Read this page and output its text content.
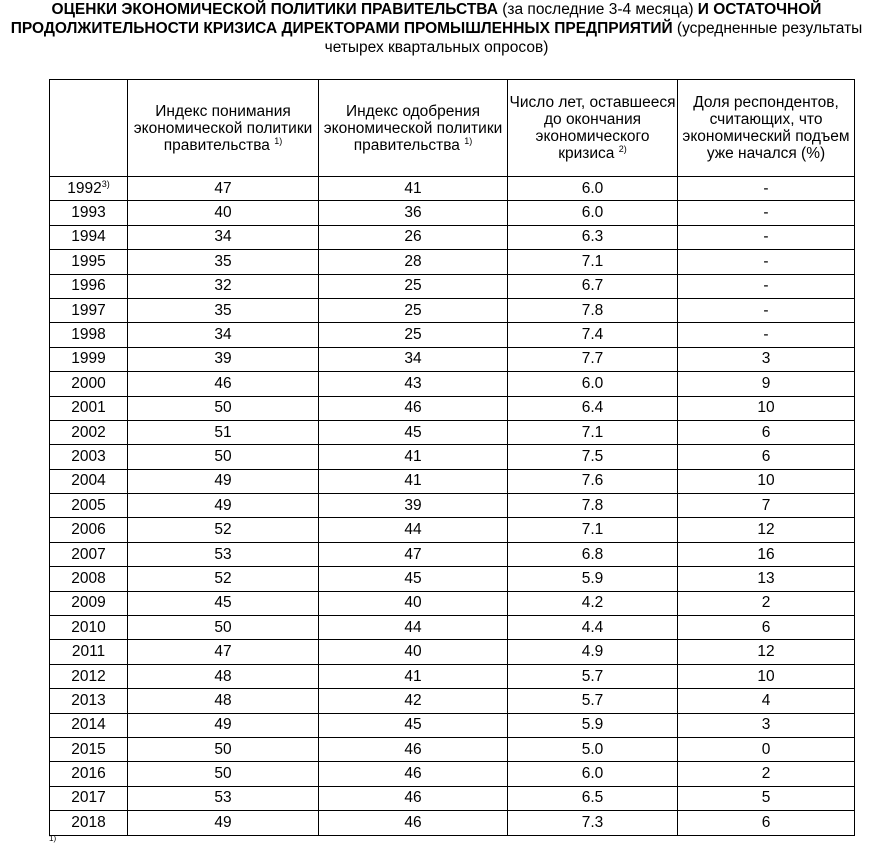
ОЦЕНКИ ЭКОНОМИЧЕСКОЙ ПОЛИТИКИ ПРАВИТЕЛЬСТВА (за последние 3-4 месяца) И ОСТАТОЧНОЙ ПРОДОЛЖИТЕЛЬНОСТИ КРИЗИСА ДИРЕКТОРАМИ ПРОМЫШЛЕННЫХ ПРЕДПРИЯТИЙ (усредненные результаты четырех квартальных опросов)
	Индекс понимания экономической политики правительства $^{1)}$	Индекс одобрения экономической политики правительства $^{1)}$	Число лет, оставшееся до окончания экономического кризиса $^{2)}$	Доля респондентов, считающих, что экономический подъем уже начался (%)
1992$^{3)}$	47	41	6.0	-
1993	40	36	6.0	-
1994	34	26	6.3	-
1995	35	28	7.1	-
1996	32	25	6.7	-
1997	35	25	7.8	-
1998	34	25	7.4	-
1999	39	34	7.7	3
2000	46	43	6.0	9
2001	50	46	6.4	10
2002	51	45	7.1	6
2003	50	41	7.5	6
2004	49	41	7.6	10
2005	49	39	7.8	7
2006	52	44	7.1	12
2007	53	47	6.8	16
2008	52	45	5.9	13
2009	45	40	4.2	2
2010	50	44	4.4	6
2011	47	40	4.9	12
2012	48	41	5.7	10
2013	48	42	5.7	4
2014	49	45	5.9	3
2015	50	46	5.0	0
2016	50	46	6.0	2
2017	53	46	6.5	5
2018	49	46	7.3	6
1)
